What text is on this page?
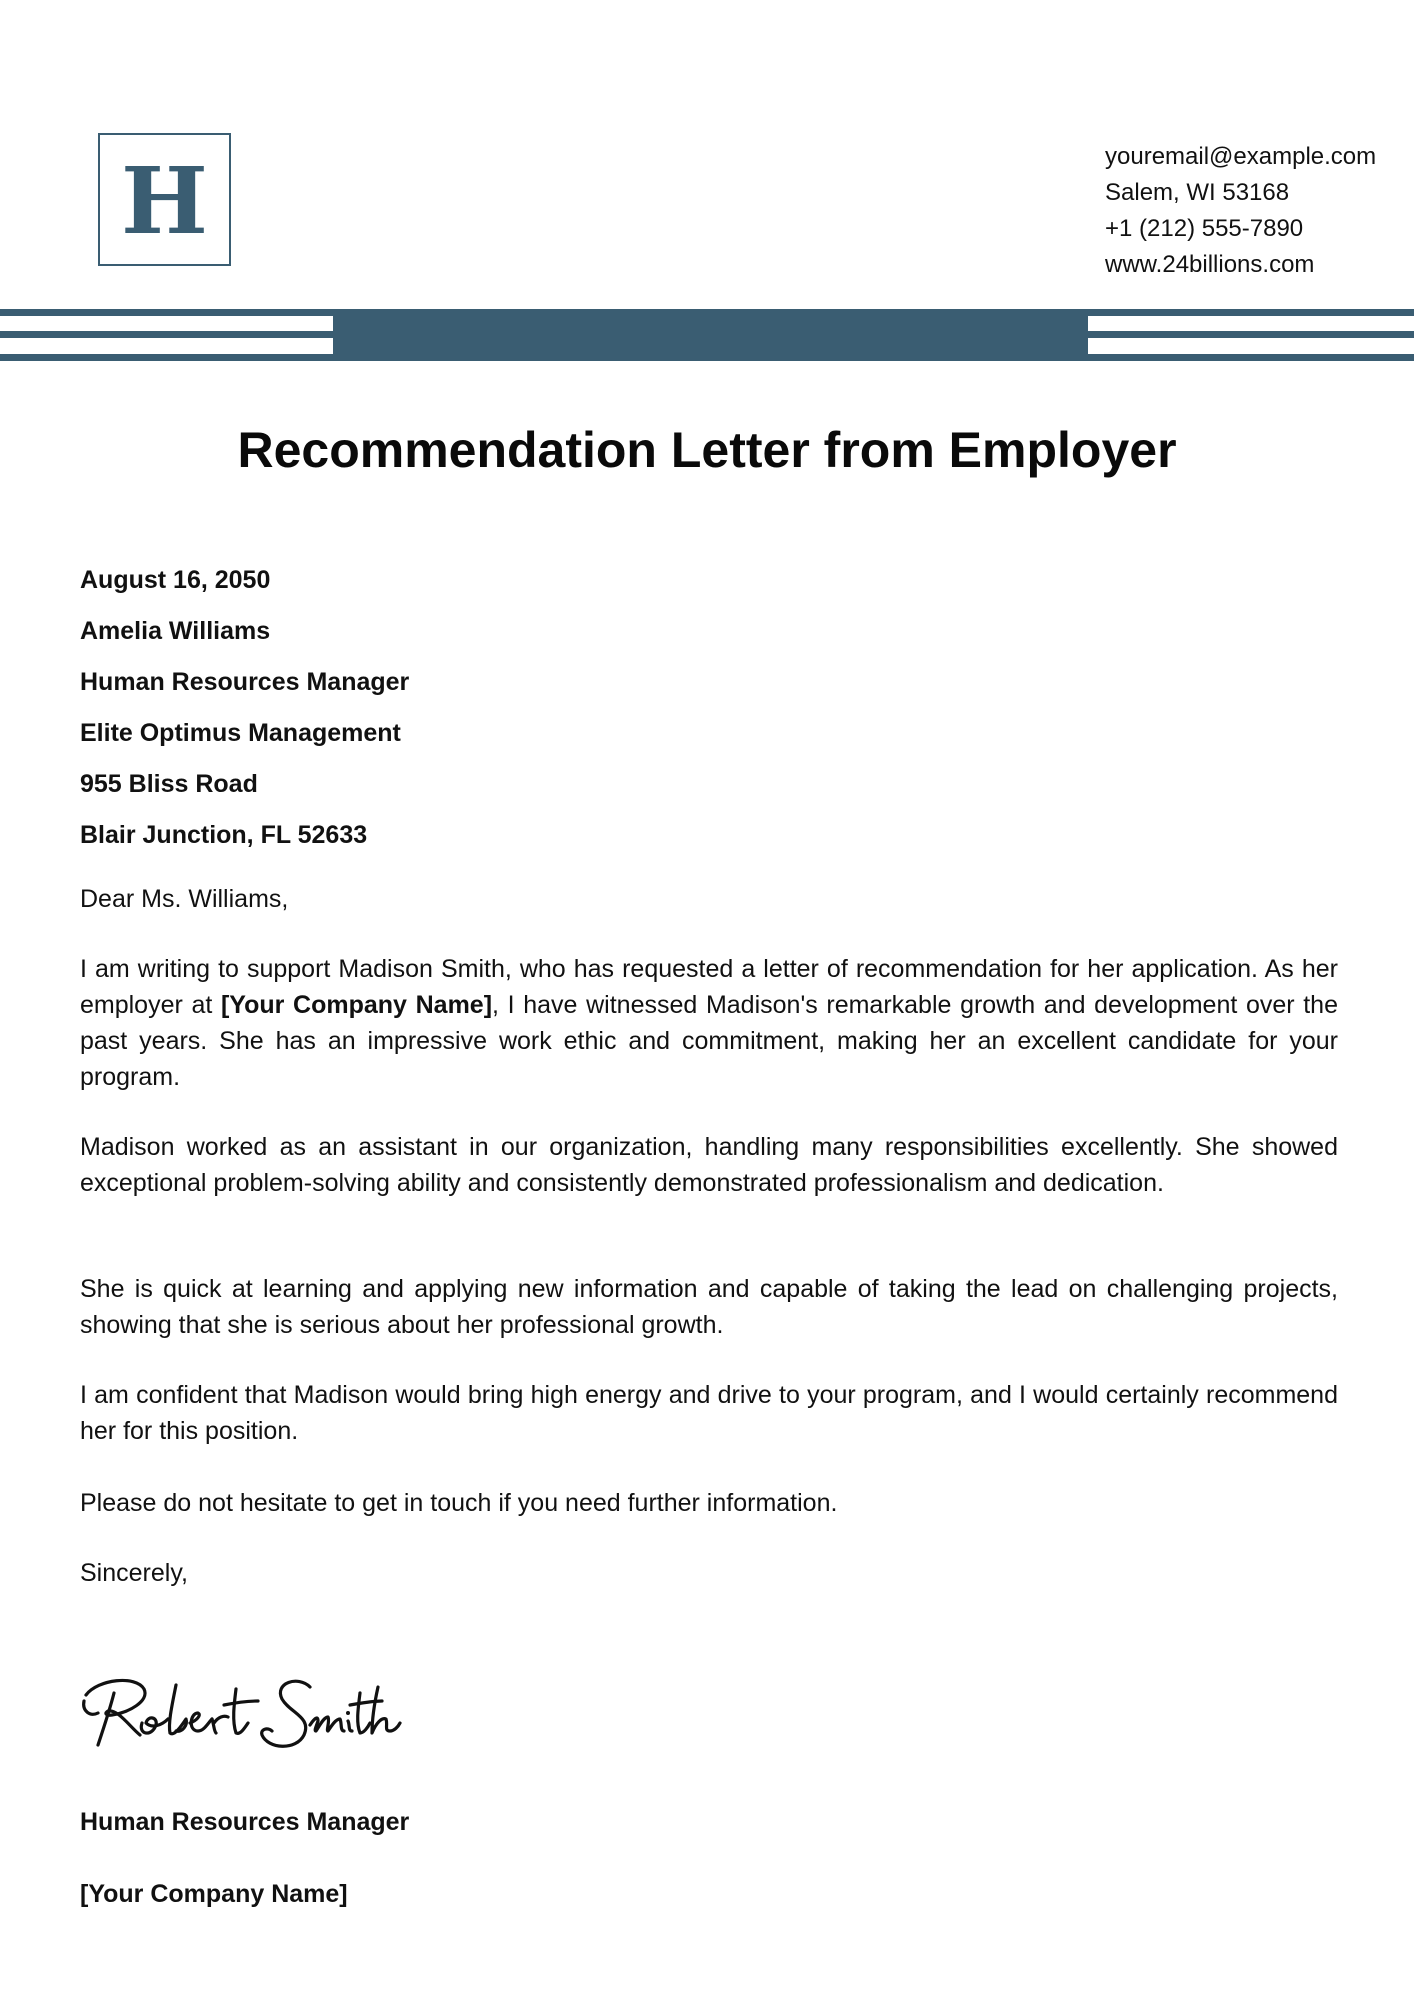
H	youremail@example.com
Salem, WI 53168
+1 (212) 555-7890
www.24billions.com
Recommendation Letter from Employer
August 16, 2050
Amelia Williams
Human Resources Manager
Elite Optimus Management
955 Bliss Road
Blair Junction, FL 52633
Dear Ms. Williams,

I am writing to support Madison Smith, who has requested a letter of recommendation for her application. As her employer at [Your Company Name], I have witnessed Madison's remarkable growth and development over the past years. She has an impressive work ethic and commitment, making her an excellent candidate for your program.

Madison worked as an assistant in our organization, handling many responsibilities excellently. She showed exceptional problem-solving ability and consistently demonstrated professionalism and dedication.

She is quick at learning and applying new information and capable of taking the lead on challenging projects, showing that she is serious about her professional growth.

I am confident that Madison would bring high energy and drive to your program, and I would certainly recommend her for this position.

Please do not hesitate to get in touch if you need further information.

Sincerely,

Human Resources Manager
[Your Company Name]
